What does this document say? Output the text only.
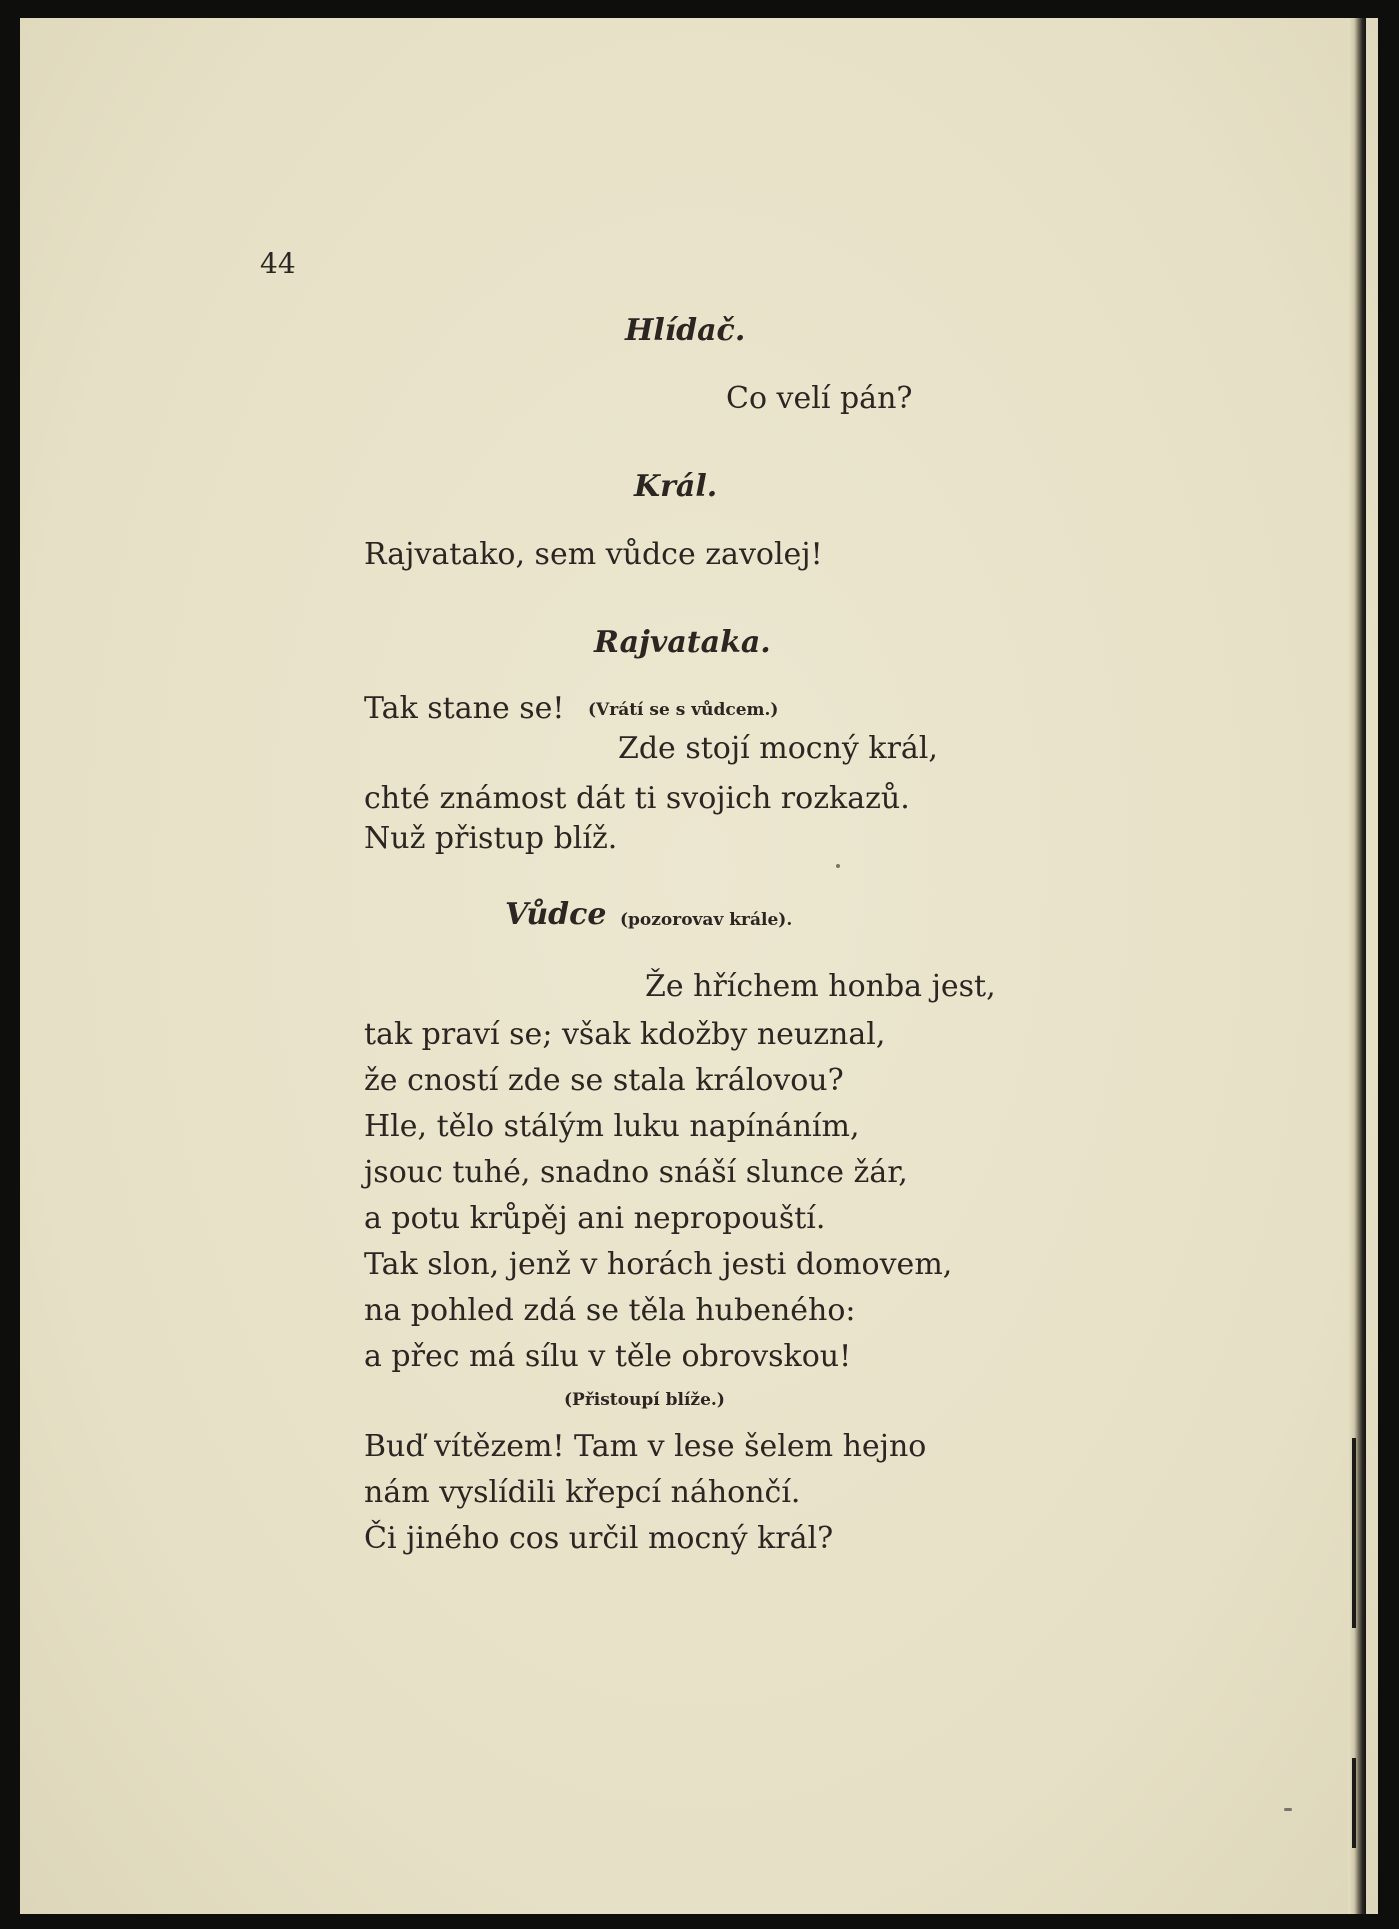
44
Hlídač.
Co velí pán?
Král.
Rajvatako, sem vůdce zavolej!
Rajvataka.
Tak stane se! (Vrátí se s vůdcem.)
Zde stojí mocný král,
chté známost dát ti svojich rozkazů.
Nuž přistup blíž.
Vůdce (pozorovav krále).
Že hříchem honba jest,
tak praví se; však kdožby neuznal,
že cností zde se stala královou?
Hle, tělo stálým luku napínáním,
jsouc tuhé, snadno snáší slunce žár,
a potu krůpěj ani nepropouští.
Tak slon, jenž v horách jesti domovem,
na pohled zdá se těla hubeného:
a přec má sílu v těle obrovskou!
(Přistoupí blíže.)
Buď vítězem! Tam v lese šelem hejno
nám vyslídili křepcí náhončí.
Či jiného cos určil mocný král?
